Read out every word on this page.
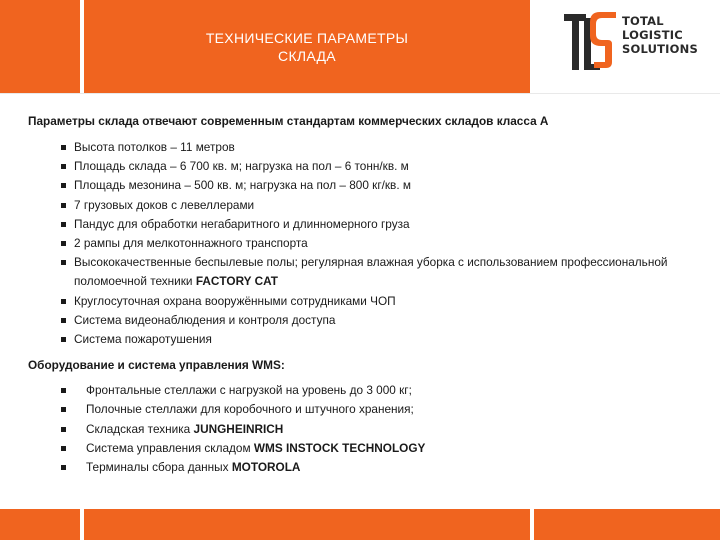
ТЕХНИЧЕСКИЕ ПАРАМЕТРЫ
СКЛАДА
TOTAL
LOGISTIC
SOLUTIONS

Параметры склада отвечают современным стандартам коммерческих складов класса А

Высота потолков – 11 метров
Площадь склада – 6 700 кв. м; нагрузка на пол – 6 тонн/кв. м
Площадь мезонина – 500 кв. м; нагрузка на пол – 800 кг/кв. м
7 грузовых доков с левеллерами
Пандус для обработки негабаритного и длинномерного груза
2 рампы для мелкотоннажного транспорта
Высококачественные беспылевые полы; регулярная влажная уборка с использованием профессиональной поломоечной техники FACTORY CAT
Круглосуточная охрана вооружёнными сотрудниками ЧОП
Система видеонаблюдения и контроля доступа
Система пожаротушения

Оборудование и система управления WMS:

Фронтальные стеллажи с нагрузкой на уровень до 3 000 кг;
Полочные стеллажи для коробочного и штучного хранения;
Складская техника JUNGHEINRICH
Система управления складом WMS INSTOCK TECHNOLOGY
Терминалы сбора данных MOTOROLA
